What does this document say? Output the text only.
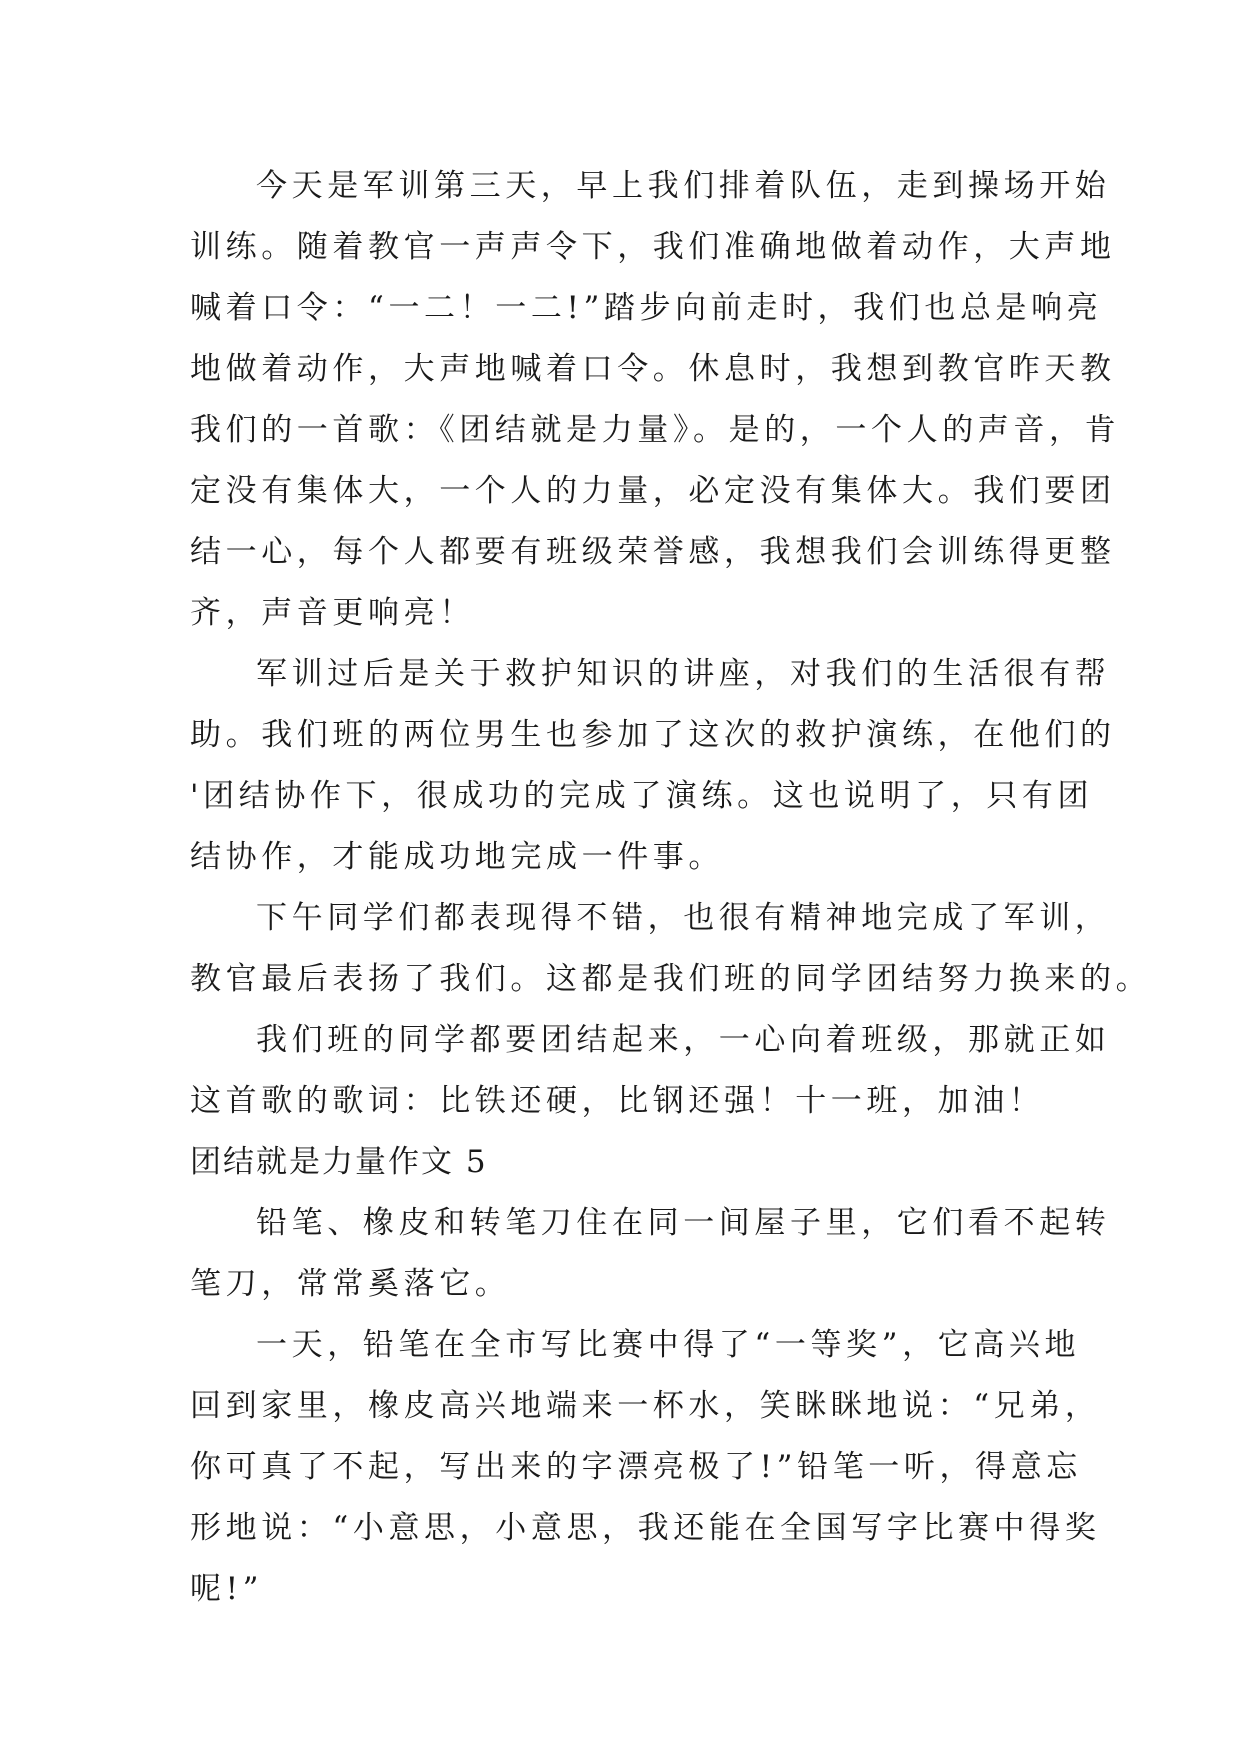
今天是军训第三天，早上我们排着队伍，走到操场开始
训练。随着教官一声声令下，我们准确地做着动作，大声地
喊着口令：“一二！一二!”踏步向前走时，我们也总是响亮
地做着动作，大声地喊着口令。休息时，我想到教官昨天教
我们的一首歌：《团结就是力量》。是的，一个人的声音，肯
定没有集体大，一个人的力量，必定没有集体大。我们要团
结一心，每个人都要有班级荣誉感，我想我们会训练得更整
齐，声音更响亮！
军训过后是关于救护知识的讲座，对我们的生活很有帮
助。我们班的两位男生也参加了这次的救护演练，在他们的
'团结协作下，很成功的完成了演练。这也说明了，只有团
结协作，才能成功地完成一件事。
下午同学们都表现得不错，也很有精神地完成了军训，
教官最后表扬了我们。这都是我们班的同学团结努力换来的。
我们班的同学都要团结起来，一心向着班级，那就正如
这首歌的歌词：比铁还硬，比钢还强！十一班，加油！
团结就是力量作文 5
铅笔、橡皮和转笔刀住在同一间屋子里，它们看不起转
笔刀，常常奚落它。
一天，铅笔在全市写比赛中得了“一等奖”，它高兴地
回到家里，橡皮高兴地端来一杯水，笑眯眯地说：“兄弟，
你可真了不起，写出来的字漂亮极了!”铅笔一听，得意忘
形地说：“小意思，小意思，我还能在全国写字比赛中得奖
呢!”
